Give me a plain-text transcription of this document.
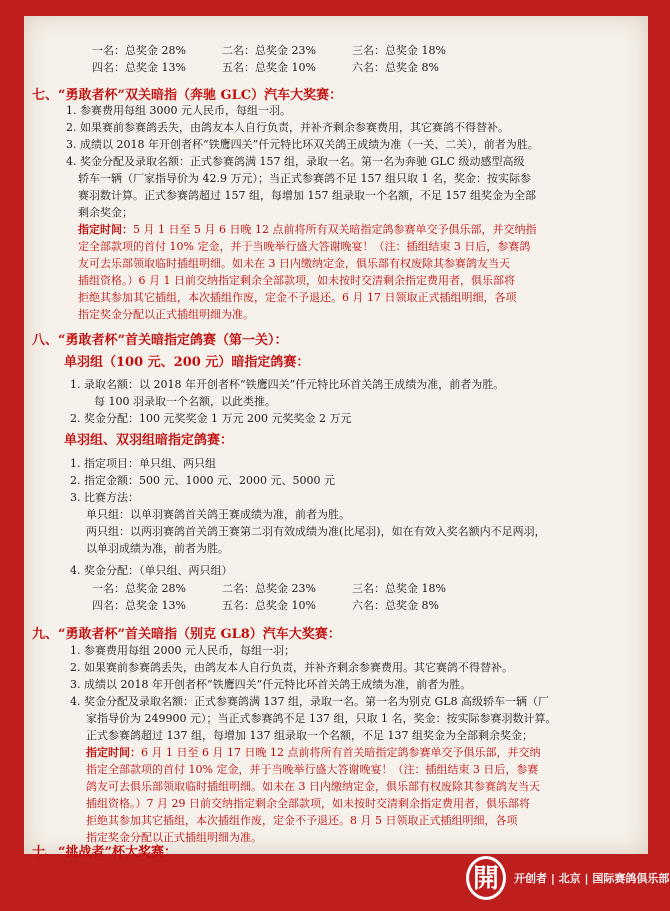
一名：总奖金 28%	二名：总奖金 23%	三名：总奖金 18%
四名：总奖金 13%	五名：总奖金 10%	六名：总奖金 8%
七、“勇敢者杯”双关暗指（奔驰 GLC）汽车大奖赛：
1. 参赛费用每组 3000 元人民币，每组一羽。
2. 如果赛前参赛鸽丢失，由鸽友本人自行负责，并补齐剩余参赛费用，其它赛鸽不得替补。
3. 成绩以 2018 年开创者杯“铁鹰四关”仟元特比环双关鸽王成绩为准（一关、二关），前者为胜。
4. 奖金分配及录取名额：正式参赛鸽满 157 组，录取一名。第一名为奔驰 GLC 级动感型高级
轿车一辆（厂家指导价为 42.9 万元）；当正式参赛鸽不足 157 组只取 1 名，奖金：按实际参
赛羽数计算。正式参赛鸽超过 157 组，每增加 157 组录取一个名额，不足 157 组奖金为全部
剩余奖金；
指定时间：5 月 1 日至 5 月 6 日晚 12 点前将所有双关暗指定鸽参赛单交予俱乐部，并交纳指
定全部款项的首付 10% 定金，并于当晚举行盛大答谢晚宴！（注：插组结束 3 日后，参赛鸽
友可去乐部领取临时插组明细。如未在 3 日内缴纳定金，俱乐部有权废除其参赛鸽友当天
插组资格。）6 月 1 日前交纳指定剩余全部款项，如未按时交清剩余指定费用者，俱乐部将
拒绝其参加其它插组，本次插组作废，定金不予退还。6 月 17 日领取正式插组明细，各项
指定奖金分配以正式插组明细为准。
八、“勇敢者杯”首关暗指定鸽赛（第一关）：
单羽组（100 元、200 元）暗指定鸽赛：
1. 录取名额：以 2018 年开创者杯“铁鹰四关”仟元特比环首关鸽王成绩为准，前者为胜。
每 100 羽录取一个名额，以此类推。
2. 奖金分配：100 元奖奖金 1 万元 200 元奖奖金 2 万元
单羽组、双羽组暗指定鸽赛：
1. 指定项目：单只组、两只组
2. 指定金额：500 元、1000 元、2000 元、5000 元
3. 比赛方法：
单只组：以单羽赛鸽首关鸽王赛成绩为准，前者为胜。
两只组：以两羽赛鸽首关鸽王赛第二羽有效成绩为准(比尾羽)，如在有效入奖名额内不足两羽，
以单羽成绩为准，前者为胜。
4. 奖金分配：（单只组、两只组）
一名：总奖金 28%	二名：总奖金 23%	三名：总奖金 18%
四名：总奖金 13%	五名：总奖金 10%	六名：总奖金 8%
九、“勇敢者杯”首关暗指（别克 GL8）汽车大奖赛：
1. 参赛费用每组 2000 元人民币，每组一羽；
2. 如果赛前参赛鸽丢失，由鸽友本人自行负责，并补齐剩余参赛费用。其它赛鸽不得替补。
3. 成绩以 2018 年开创者杯“铁鹰四关”仟元特比环首关鸽王成绩为准，前者为胜。
4. 奖金分配及录取名额：正式参赛鸽满 137 组，录取一名。第一名为别克 GL8 高级轿车一辆（厂
家指导价为 249900 元）；当正式参赛鸽不足 137 组，只取 1 名，奖金：按实际参赛羽数计算。
正式参赛鸽超过 137 组，每增加 137 组录取一个名额，不足 137 组奖金为全部剩余奖金；
指定时间：6 月 1 日至 6 月 17 日晚 12 点前将所有首关暗指定鸽参赛单交予俱乐部，并交纳
指定全部款项的首付 10% 定金，并于当晚举行盛大答谢晚宴！（注：插组结束 3 日后，参赛
鸽友可去俱乐部领取临时插组明细。如未在 3 日内缴纳定金，俱乐部有权废除其参赛鸽友当天
插组资格。）7 月 29 日前交纳指定剩余全部款项，如未按时交清剩余指定费用者，俱乐部将
拒绝其参加其它插组，本次插组作废，定金不予退还。8 月 5 日领取正式插组明细，各项
指定奖金分配以正式插组明细为准。
十、“挑战者”杯大奖赛：
開	开创者 | 北京 | 国际赛鸽俱乐部
